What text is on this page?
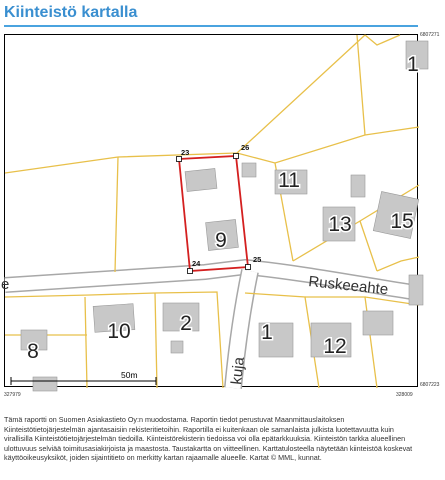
Kiinteistö kartalla
23
26
24	25
1
11
13 15
9
10 2	1
12
8
Ruskeeahte
e
kuja
50m
6807271
6807223
327979	328009

Tämä raportti on Suomen Asiakastieto Oy:n muodostama. Raportin tiedot perustuvat Maanmittauslaitoksen Kiinteistötietojärjestelmän ajantasaisiin rekisteritietoihin. Raportilla ei kuitenkaan ole samanlaista julkista luotettavuutta kuin virallisilla Kiinteistötietojärjestelmän tiedoilla. Kiinteistörekisterin tiedoissa voi olla epätarkkuuksia. Kiinteistön tarkka alueellinen ulottuvuus selviää toimitusasiakirjoista ja maastosta. Taustakartta on viitteellinen. Karttatulosteella näytetään kiinteistöä koskevat käyttöoikeusyksiköt, joiden sijaintitieto on merkitty kartan rajaamalle alueelle. Kartat © MML, kunnat.
